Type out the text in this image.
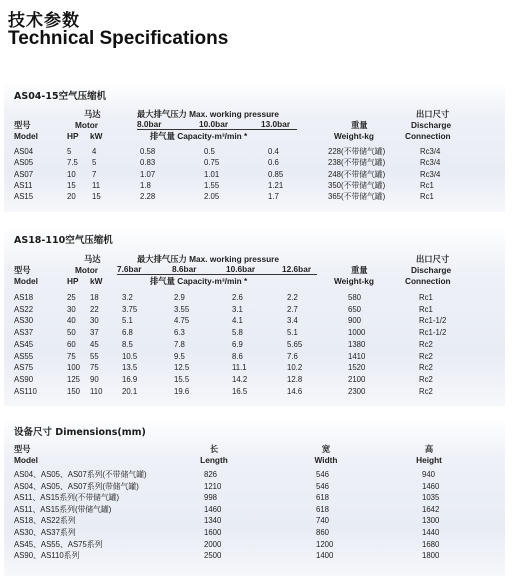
技术参数
Technical Specifications
AS04-15空气压缩机
型号
Model
马达
Motor
HP kW
最大排气压力 Max. working pressure
8.0bar	10.0bar	13.0bar
排气量 Capacity-m³/min *
重量
Weight-kg
出口尺寸
Discharge
Connection
AS04	5	4	0.58	0.5	0.4	228(不带储气罐)	Rc3/4
AS05	7.5 5	0.83	0.75	0.6	238(不带储气罐)	Rc3/4
AS07	10 7	1.07	1.01	0.85	248(不带储气罐)	Rc3/4
AS11	15 11	1.8	1.55	1.21	350(不带储气罐)	Rc1
AS15	20 15	2.28	2.05	1.7	365(不带储气罐)	Rc1
AS18-110空气压缩机
型号
Model
马达
Motor
HP kW
最大排气压力 Max. working pressure
7.6bar	8.6bar	10.6bar	12.6bar
排气量 Capacity-m³/min *
重量
Weight-kg
出口尺寸
Discharge
Connection
AS18	25 18	3.2	2.9	2.6	2.2	580	Rc1
AS22	30 22	3.75	3.55	3.1	2.7	650	Rc1
AS30	40 30	5.1	4.75	4.1	3.4	900	Rc1-1/2
AS37	50 37	6.8	6.3	5.8	5.1	1000	Rc1-1/2
AS45	60 45	8.5	7.8	6.9	5.65	1380	Rc2
AS55	75 55	10.5	9.5	8.6	7.6	1410	Rc2
AS75	100 75	13.5	12.5	11.1	10.2	1520	Rc2
AS90	125 90	16.9	15.5	14.2	12.8	2100	Rc2
AS110	150 110	20.1	19.6	16.5	14.6	2300	Rc2
设备尺寸 Dimensions(mm)
型号
Model
长
Length
宽
Width
高
Height
AS04、AS05、AS07系列(不带储气罐)	826	546	940
AS04、AS05、AS07系列(带储气罐)	1210	546	1460
AS11、AS15系列(不带储气罐)	998	618	1035
AS11、AS15系列(带储气罐)	1460	618	1642
AS18、AS22系列	1340	740	1300
AS30、AS37系列	1600	860	1440
AS45、AS55、AS75系列	2000	1200	1680
AS90、AS110系列	2500	1400	1800
